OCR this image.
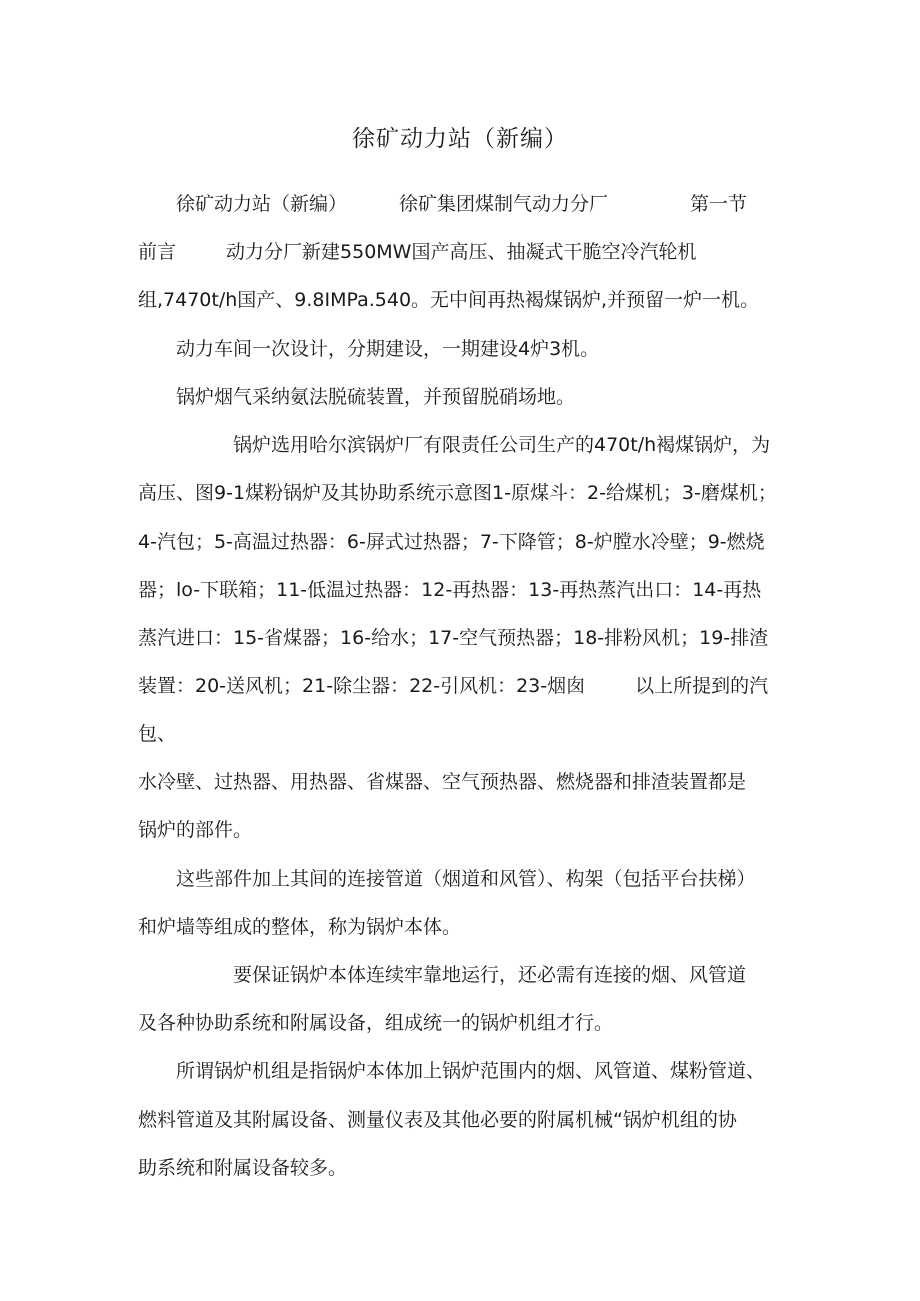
徐矿动力站（新编）
徐矿动力站（新编）	徐矿集团煤制气动力分厂	第一节
前言	动力分厂新建550MW国产高压、抽凝式干脆空冷汽轮机
组,7470t∕h国产、9.8IMPa.540。无中间再热褐煤锅炉,并预留一炉一机。
动力车间一次设计，分期建设，一期建设4炉3机。
锅炉烟气采纳氨法脱硫装置，并预留脱硝场地。
锅炉选用哈尔滨锅炉厂有限责任公司生产的470t∕h褐煤锅炉，为
高压、图9-1煤粉锅炉及其协助系统示意图1-原煤斗：2-给煤机；3-磨煤机；
4-汽包；5-高温过热器：6-屏式过热器；7-下降管；8-炉膛水冷壁；9-燃烧
器；lo-下联箱；11-低温过热器：12-再热器：13-再热蒸汽出口：14-再热
蒸汽进口：15-省煤器；16-给水；17-空气预热器；18-排粉风机；19-排渣
装置：20-送风机；21-除尘器：22-引风机：23-烟囱	以上所提到的汽
包、
水冷壁、过热器、用热器、省煤器、空气预热器、燃烧器和排渣装置都是
锅炉的部件。
这些部件加上其间的连接管道（烟道和风管）、构架（包括平台扶梯）
和炉墙等组成的整体，称为锅炉本体。
要保证锅炉本体连续牢靠地运行，还必需有连接的烟、风管道
及各种协助系统和附属设备，组成统一的锅炉机组才行。
所谓锅炉机组是指锅炉本体加上锅炉范围内的烟、风管道、煤粉管道、
燃料管道及其附属设备、测量仪表及其他必要的附属机械“锅炉机组的协
助系统和附属设备较多。
